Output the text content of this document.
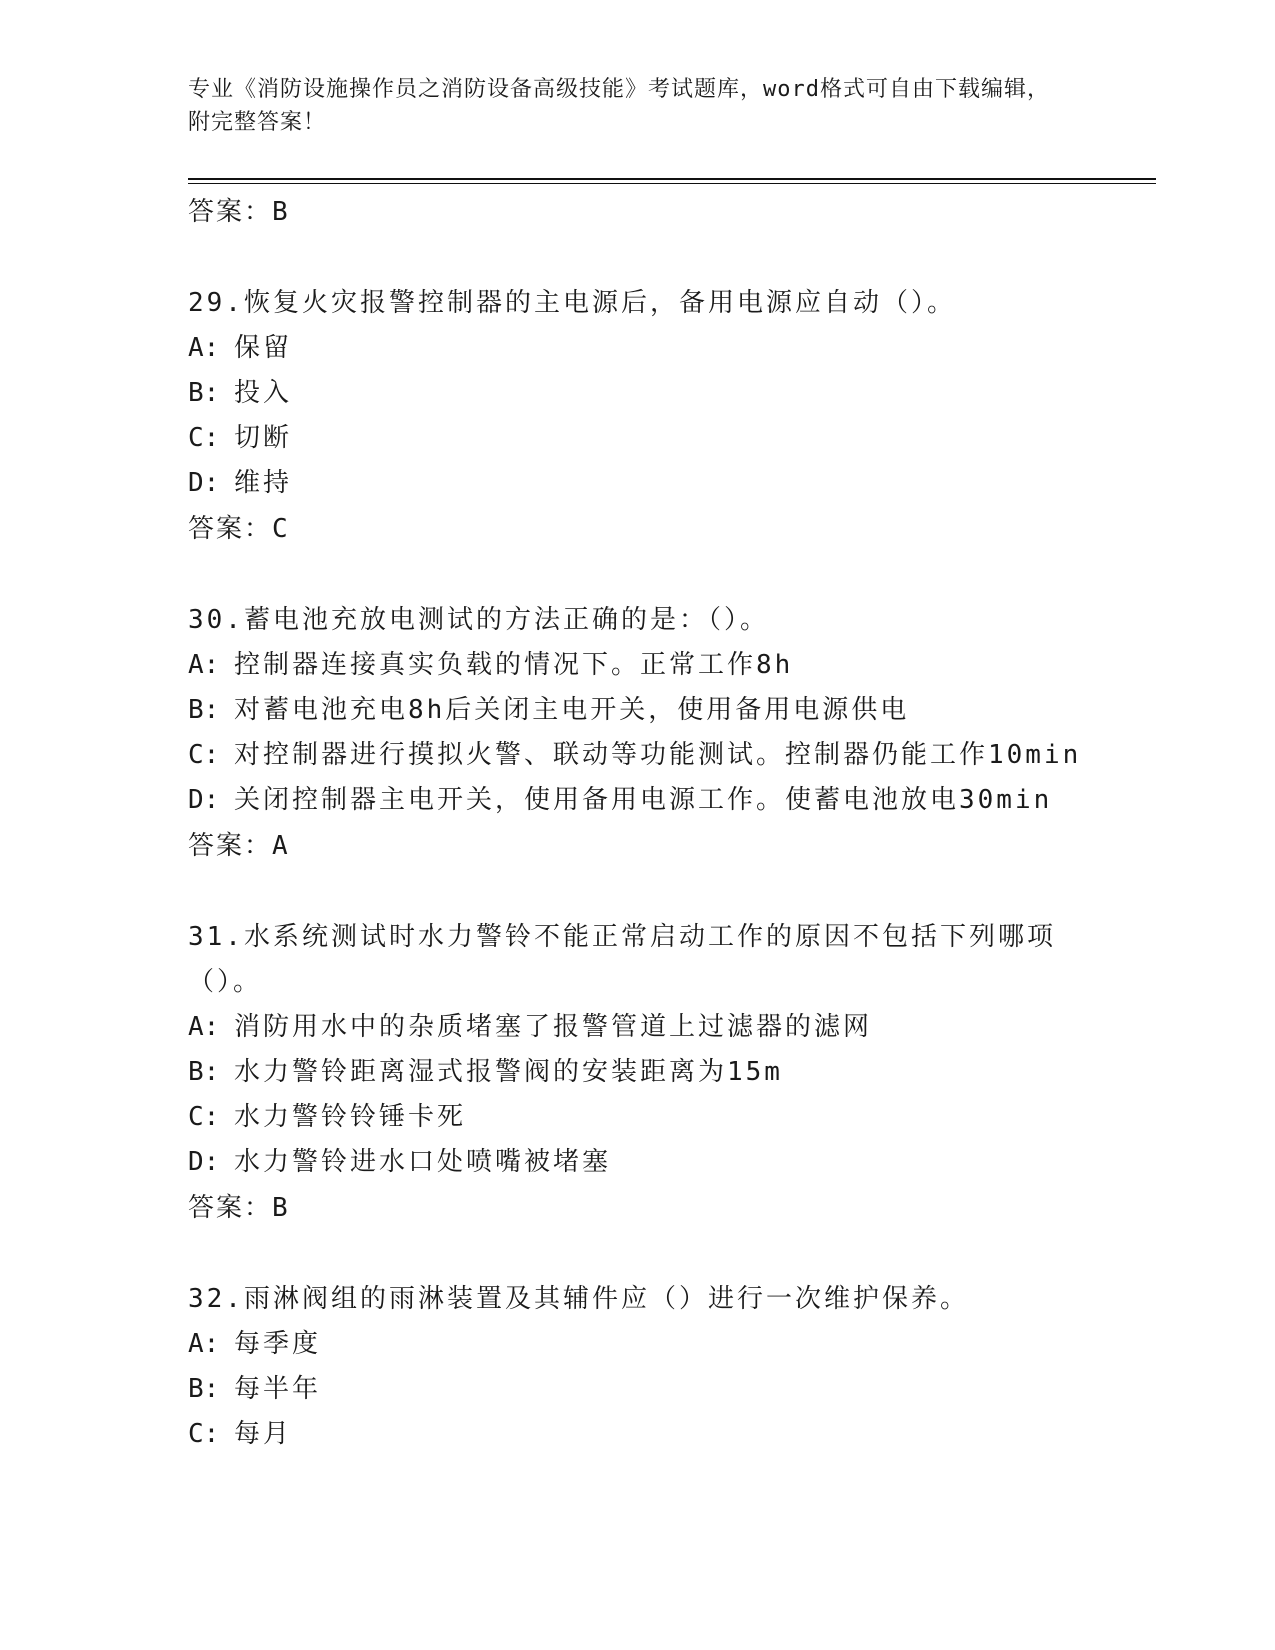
专业《消防设施操作员之消防设备高级技能》考试题库，word格式可自由下载编辑，附完整答案！
答案：B
29.恢复火灾报警控制器的主电源后，备用电源应自动（）。
A: 保留
B: 投入
C: 切断
D: 维持
答案：C
30.蓄电池充放电测试的方法正确的是：（）。
A: 控制器连接真实负载的情况下。正常工作8h
B: 对蓄电池充电8h后关闭主电开关，使用备用电源供电
C: 对控制器进行摸拟火警、联动等功能测试。控制器仍能工作10min
D: 关闭控制器主电开关，使用备用电源工作。使蓄电池放电30min
答案：A
31.水系统测试时水力警铃不能正常启动工作的原因不包括下列哪项（）。
A: 消防用水中的杂质堵塞了报警管道上过滤器的滤网
B: 水力警铃距离湿式报警阀的安装距离为15m
C: 水力警铃铃锤卡死
D: 水力警铃进水口处喷嘴被堵塞
答案：B
32.雨淋阀组的雨淋装置及其辅件应（）进行一次维护保养。
A: 每季度
B: 每半年
C: 每月
